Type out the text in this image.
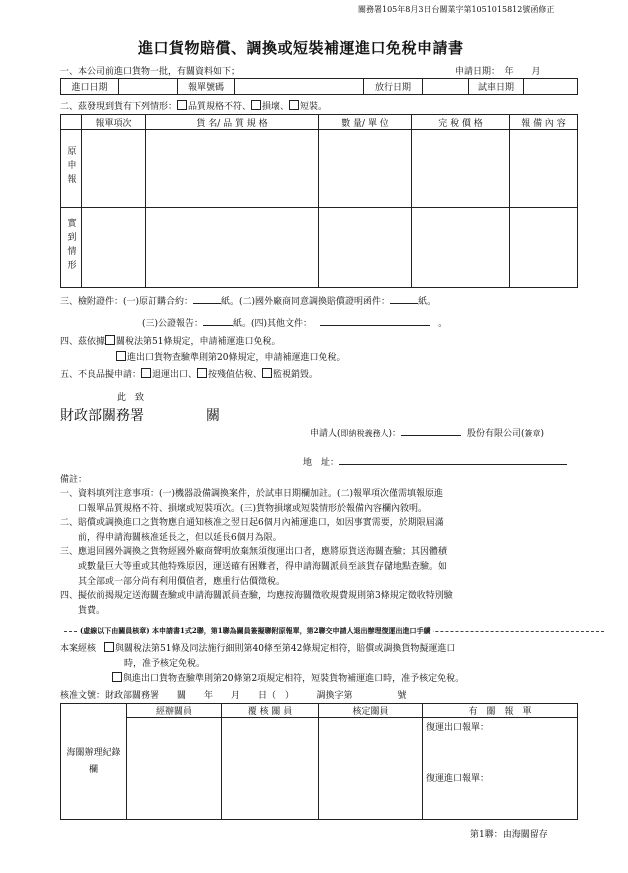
關務署105年8月3日台關業字第1051015812號函修正
進口貨物賠償、調換或短裝補運進口免稅申請書
一、本公司前進口貨物一批，有關資料如下；	申請日期：　年　　月
進口日期		報單號碼		放行日期		試車日期	
二、茲發現到貨有下列情形： 品質規格不符、 損壞、 短裝。
	報單項次	貨 名/ 品 質 規 格	數 量/ 單 位	完 稅 價 格	報 備 內 容
原申報					
實到情形					
三、檢附證件：(一)原訂購合約：	紙。(二)國外廠商同意調換賠償證明函件：	紙。
(三)公證報告：	紙。(四)其他文件：	。
四、茲依據 關稅法第51條規定，申請補運進口免稅。
進出口貨物查驗準則第20條規定，申請補運進口免稅。
五、不良品擬申請： 退運出口、 按殘值估稅、 監視銷毀。
此　致
財政部關務署	關
申請人(即納稅義務人)：	股份有限公司(簽章)
地　址：
備註：
一、資料填列注意事項：(一)機器設備調換案件，於試車日期欄加註。(二)報單項次僅需填報原進
　　口報單品質規格不符、損壞或短裝項次。(三)貨物損壞或短裝情形於報備內容欄內敘明。
二、賠償或調換進口之貨物應自通知核准之翌日起6個月內補運進口，如因事實需要，於期限屆滿
　　前，得申請海關核准延長之，但以延長6個月為限。
三、應退回國外調換之貨物經國外廠商聲明放棄無須復運出口者，應將原貨送海關查驗；其因體積
　　或數量巨大等重或其他特殊原因，運送確有困難者，得申請海關派員至該貨存儲地點查驗。如
　　其全部或一部分尚有利用價值者，應重行估價徵稅。
四、擬依前揭規定送海關查驗或申請海關派員查驗，均應按海關徵收規費規則第3條規定徵收特別驗
　　貨費。
(虛線以下由關員核章) 本申請書1式2聯，第1聯為關員簽擬聯附原報單，第2聯交申請人退出辦理復運出進口手續
本案經核 與關稅法第51條及同法施行細則第40條至第42條規定相符，賠償或調換貨物擬運進口
時，准予核定免稅。
與進出口貨物查驗準則第20條第2項規定相符，短裝貨物補運進口時，准予核定免稅。
核准文號：財政部關務署　　關　　年　　月　　日（　）　　　調換字第　　　　　號
海關辦理紀錄欄	經辦關員	覆 核 關 員	核定關員	有　關　報　單

				復運出口報單：
復運進口報單：
第1聯：由海關留存
